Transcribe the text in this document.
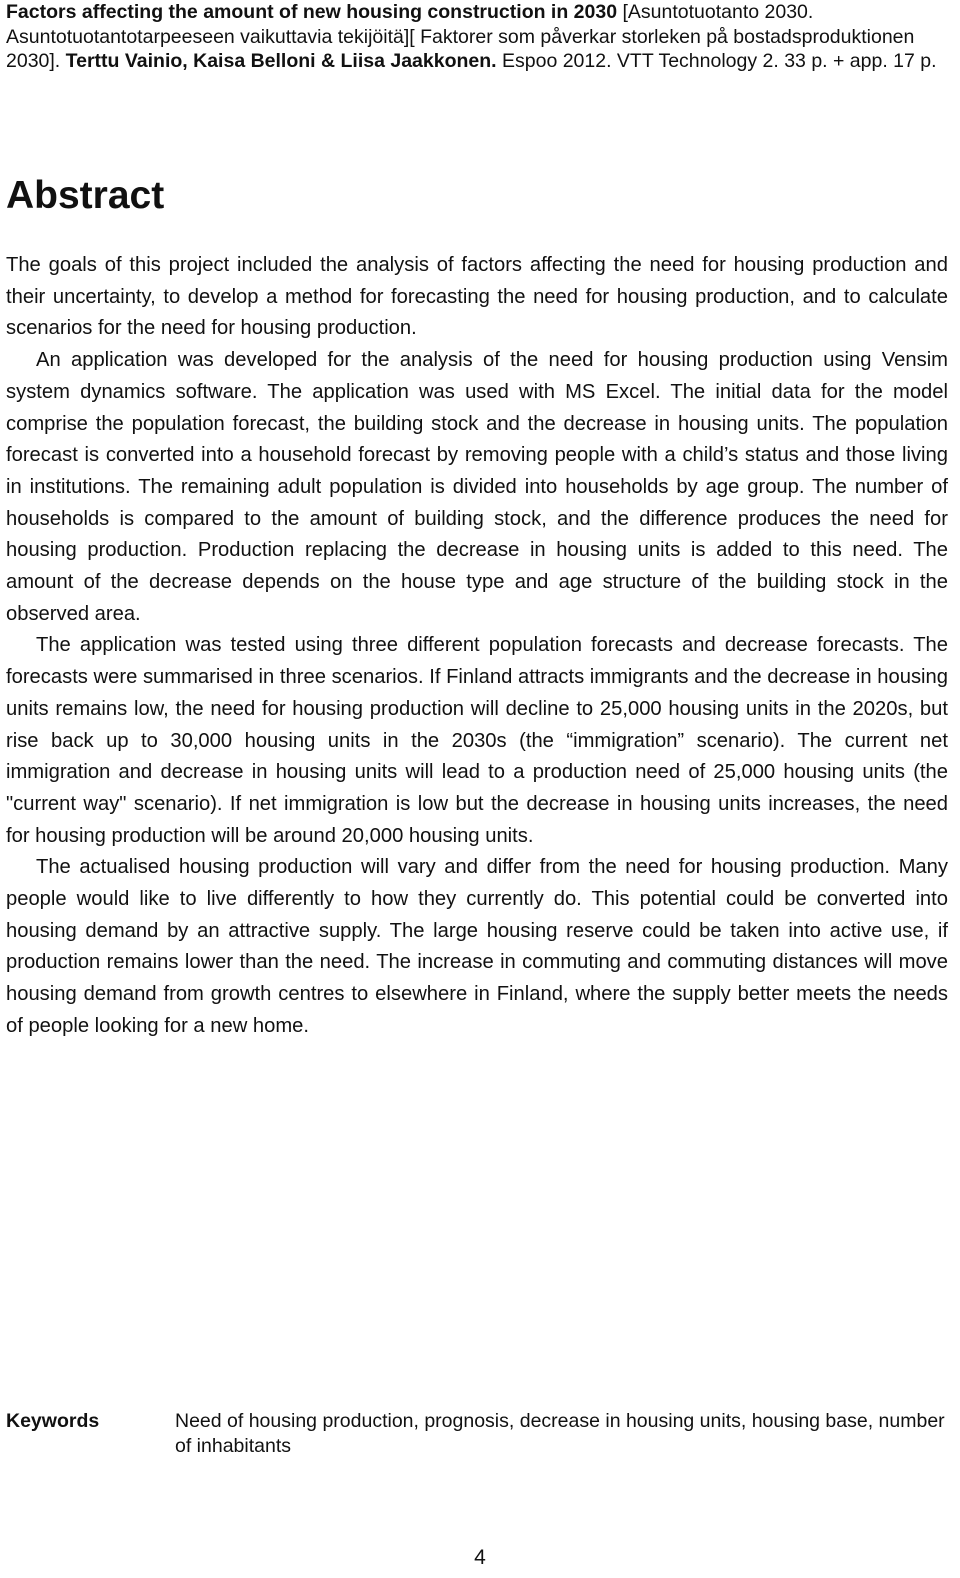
Factors affecting the amount of new housing construction in 2030 [Asuntotuotanto 2030. Asuntotuotantotarpeeseen vaikuttavia tekijöitä][ Faktorer som påverkar storleken på bostadsproduktionen 2030]. Terttu Vainio, Kaisa Belloni & Liisa Jaakkonen. Espoo 2012. VTT Technology 2. 33 p. + app. 17 p.

Abstract

The goals of this project included the analysis of factors affecting the need for housing production and their uncertainty, to develop a method for forecasting the need for housing production, and to calculate scenarios for the need for housing production.

An application was developed for the analysis of the need for housing production using Vensim system dynamics software. The application was used with MS Excel. The initial data for the model comprise the population forecast, the building stock and the decrease in housing units. The population forecast is converted into a household forecast by removing people with a child’s status and those living in institutions. The remaining adult population is divided into households by age group. The number of households is compared to the amount of building stock, and the difference produces the need for housing production. Production replacing the decrease in housing units is added to this need. The amount of the decrease depends on the house type and age structure of the building stock in the observed area.

The application was tested using three different population forecasts and decrease forecasts. The forecasts were summarised in three scenarios. If Finland attracts immigrants and the decrease in housing units remains low, the need for housing production will decline to 25,000 housing units in the 2020s, but rise back up to 30,000 housing units in the 2030s (the “immigration” scenario). The current net immigration and decrease in housing units will lead to a production need of 25,000 housing units (the "current way" scenario). If net immigration is low but the decrease in housing units increases, the need for housing production will be around 20,000 housing units.

The actualised housing production will vary and differ from the need for housing production. Many people would like to live differently to how they currently do. This potential could be converted into housing demand by an attractive supply. The large housing reserve could be taken into active use, if production remains lower than the need. The increase in commuting and commuting distances will move housing demand from growth centres to elsewhere in Finland, where the supply better meets the needs of people looking for a new home.

Keywords	Need of housing production, prognosis, decrease in housing units, housing base, number of inhabitants
4
